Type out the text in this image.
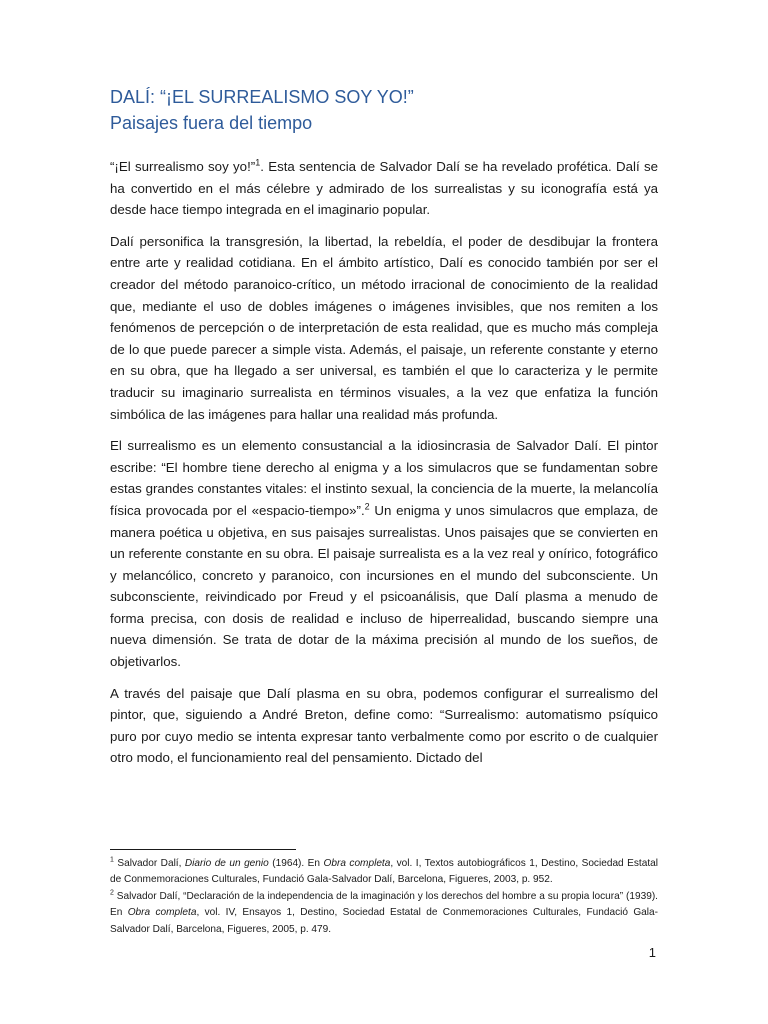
DALÍ: “¡EL SURREALISMO SOY YO!”
Paisajes fuera del tiempo

“¡El surrealismo soy yo!”$^1$. Esta sentencia de Salvador Dalí se ha revelado profética. Dalí se ha convertido en el más célebre y admirado de los surrealistas y su iconografía está ya desde hace tiempo integrada en el imaginario popular.

Dalí personifica la transgresión, la libertad, la rebeldía, el poder de desdibujar la frontera entre arte y realidad cotidiana. En el ámbito artístico, Dalí es conocido también por ser el creador del método paranoico-crítico, un método irracional de conocimiento de la realidad que, mediante el uso de dobles imágenes o imágenes invisibles, que nos remiten a los fenómenos de percepción o de interpretación de esta realidad, que es mucho más compleja de lo que puede parecer a simple vista. Además, el paisaje, un referente constante y eterno en su obra, que ha llegado a ser universal, es también el que lo caracteriza y le permite traducir su imaginario surrealista en términos visuales, a la vez que enfatiza la función simbólica de las imágenes para hallar una realidad más profunda.

El surrealismo es un elemento consustancial a la idiosincrasia de Salvador Dalí. El pintor escribe: “El hombre tiene derecho al enigma y a los simulacros que se fundamentan sobre estas grandes constantes vitales: el instinto sexual, la conciencia de la muerte, la melancolía física provocada por el «espacio-tiempo»”.$^2$ Un enigma y unos simulacros que emplaza, de manera poética u objetiva, en sus paisajes surrealistas. Unos paisajes que se convierten en un referente constante en su obra. El paisaje surrealista es a la vez real y onírico, fotográfico y melancólico, concreto y paranoico, con incursiones en el mundo del subconsciente. Un subconsciente, reivindicado por Freud y el psicoanálisis, que Dalí plasma a menudo de forma precisa, con dosis de realidad e incluso de hiperrealidad, buscando siempre una nueva dimensión. Se trata de dotar de la máxima precisión al mundo de los sueños, de objetivarlos.

A través del paisaje que Dalí plasma en su obra, podemos configurar el surrealismo del pintor, que, siguiendo a André Breton, define como: “Surrealismo: automatismo psíquico puro por cuyo medio se intenta expresar tanto verbalmente como por escrito o de cualquier otro modo, el funcionamiento real del pensamiento. Dictado del

$^1$ Salvador Dalí, Diario de un genio (1964). En Obra completa, vol. I, Textos autobiográficos 1, Destino, Sociedad Estatal de Conmemoraciones Culturales, Fundació Gala-Salvador Dalí, Barcelona, Figueres, 2003, p. 952.

$^2$ Salvador Dalí, “Declaración de la independencia de la imaginación y los derechos del hombre a su propia locura” (1939). En Obra completa, vol. IV, Ensayos 1, Destino, Sociedad Estatal de Conmemoraciones Culturales, Fundació Gala-Salvador Dalí, Barcelona, Figueres, 2005, p. 479.

1
